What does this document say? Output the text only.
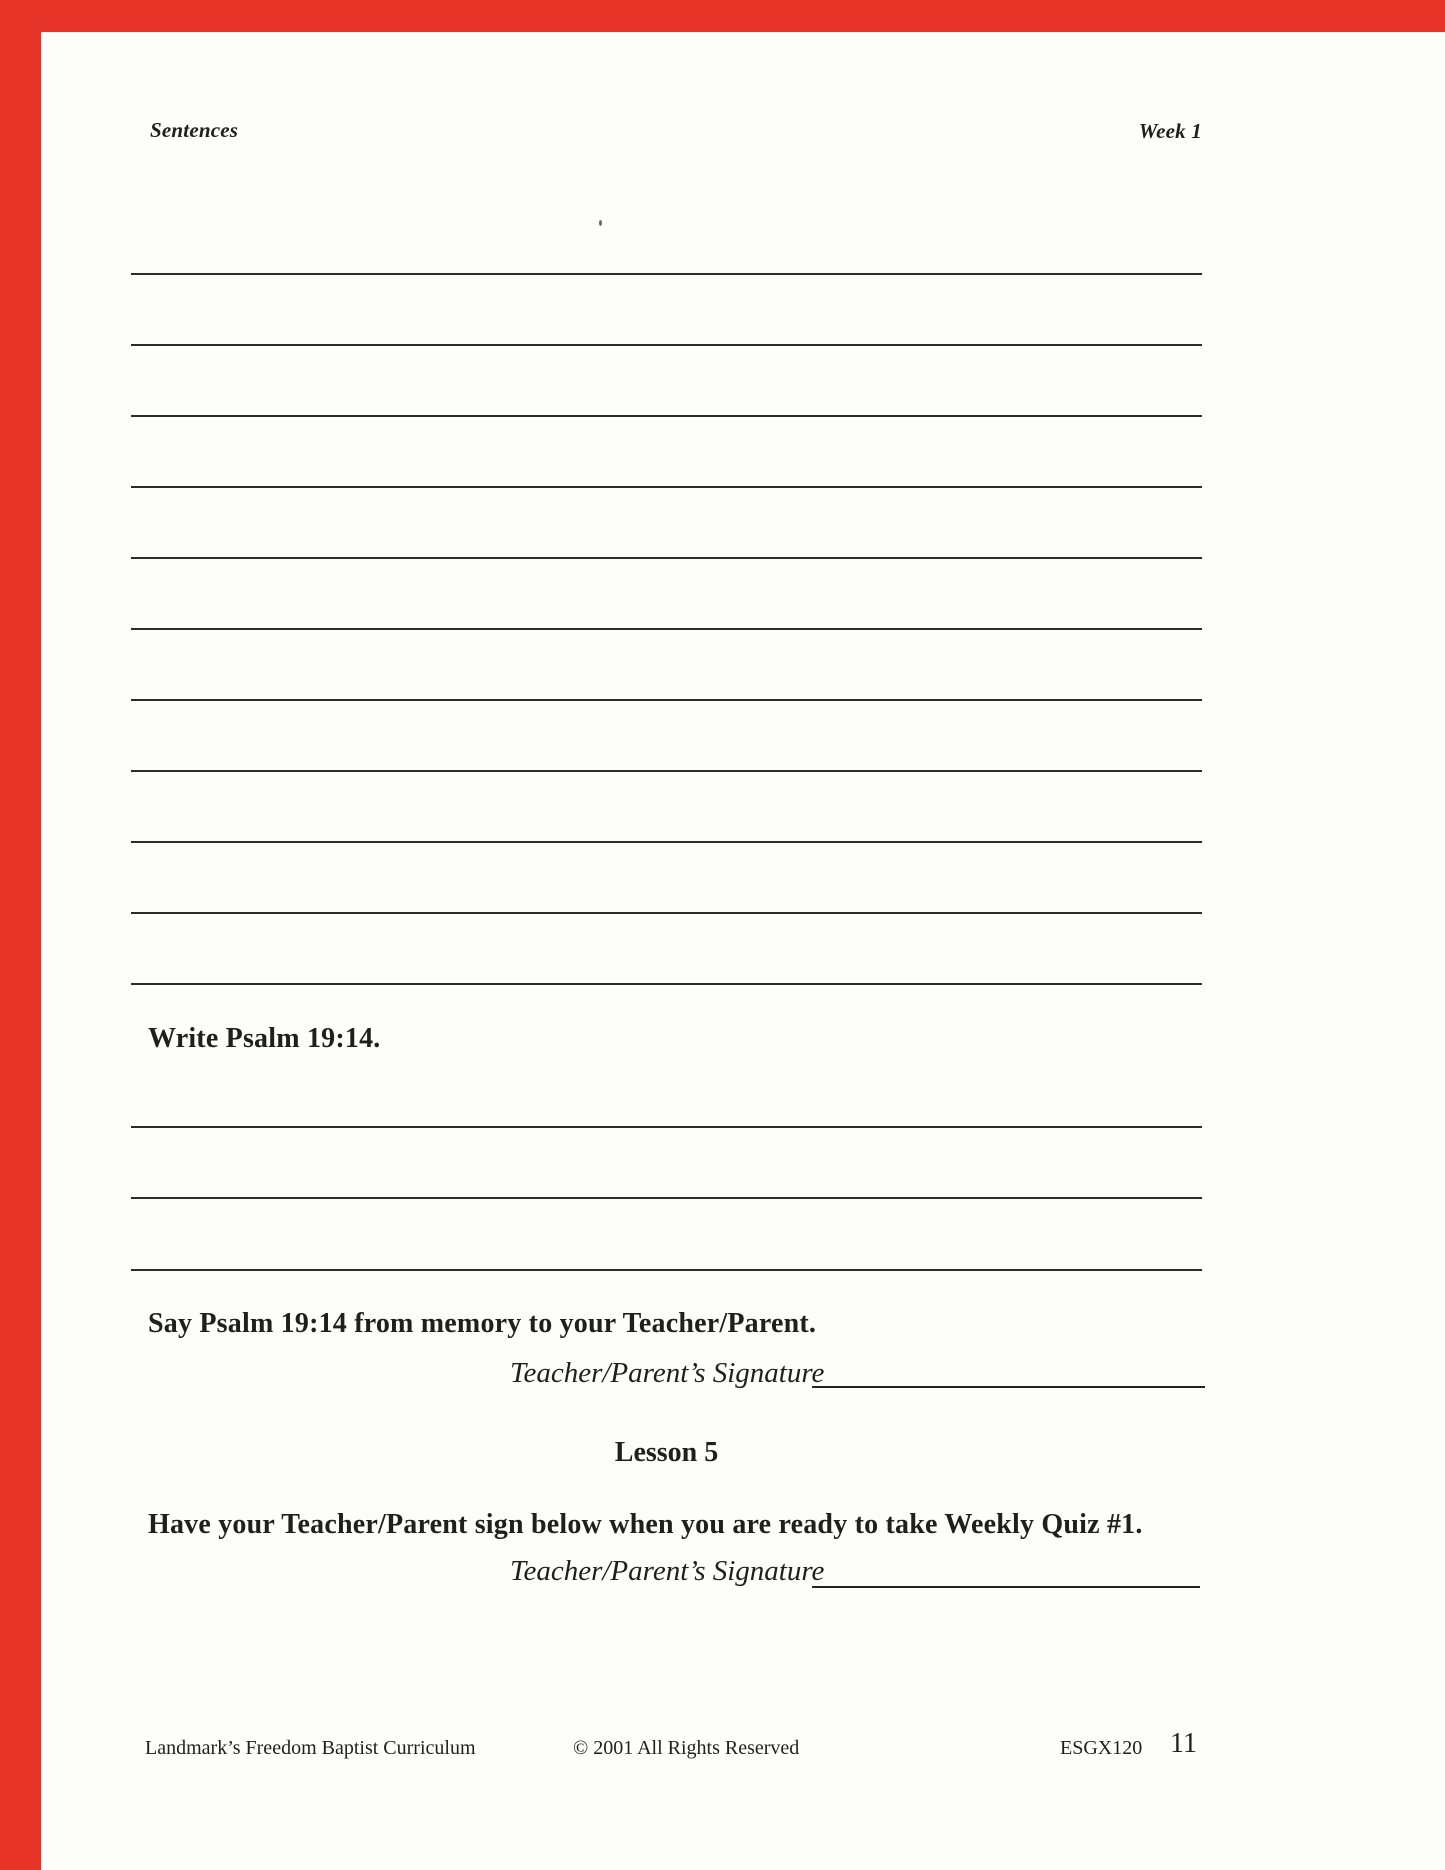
Sentences	Week 1
Write Psalm 19:14.
Say Psalm 19:14 from memory to your Teacher/Parent.
Teacher/Parent’s Signature
Lesson 5
Have your Teacher/Parent sign below when you are ready to take Weekly Quiz #1.
Teacher/Parent’s Signature
Landmark’s Freedom Baptist Curriculum	© 2001 All Rights Reserved	ESGX120 11
